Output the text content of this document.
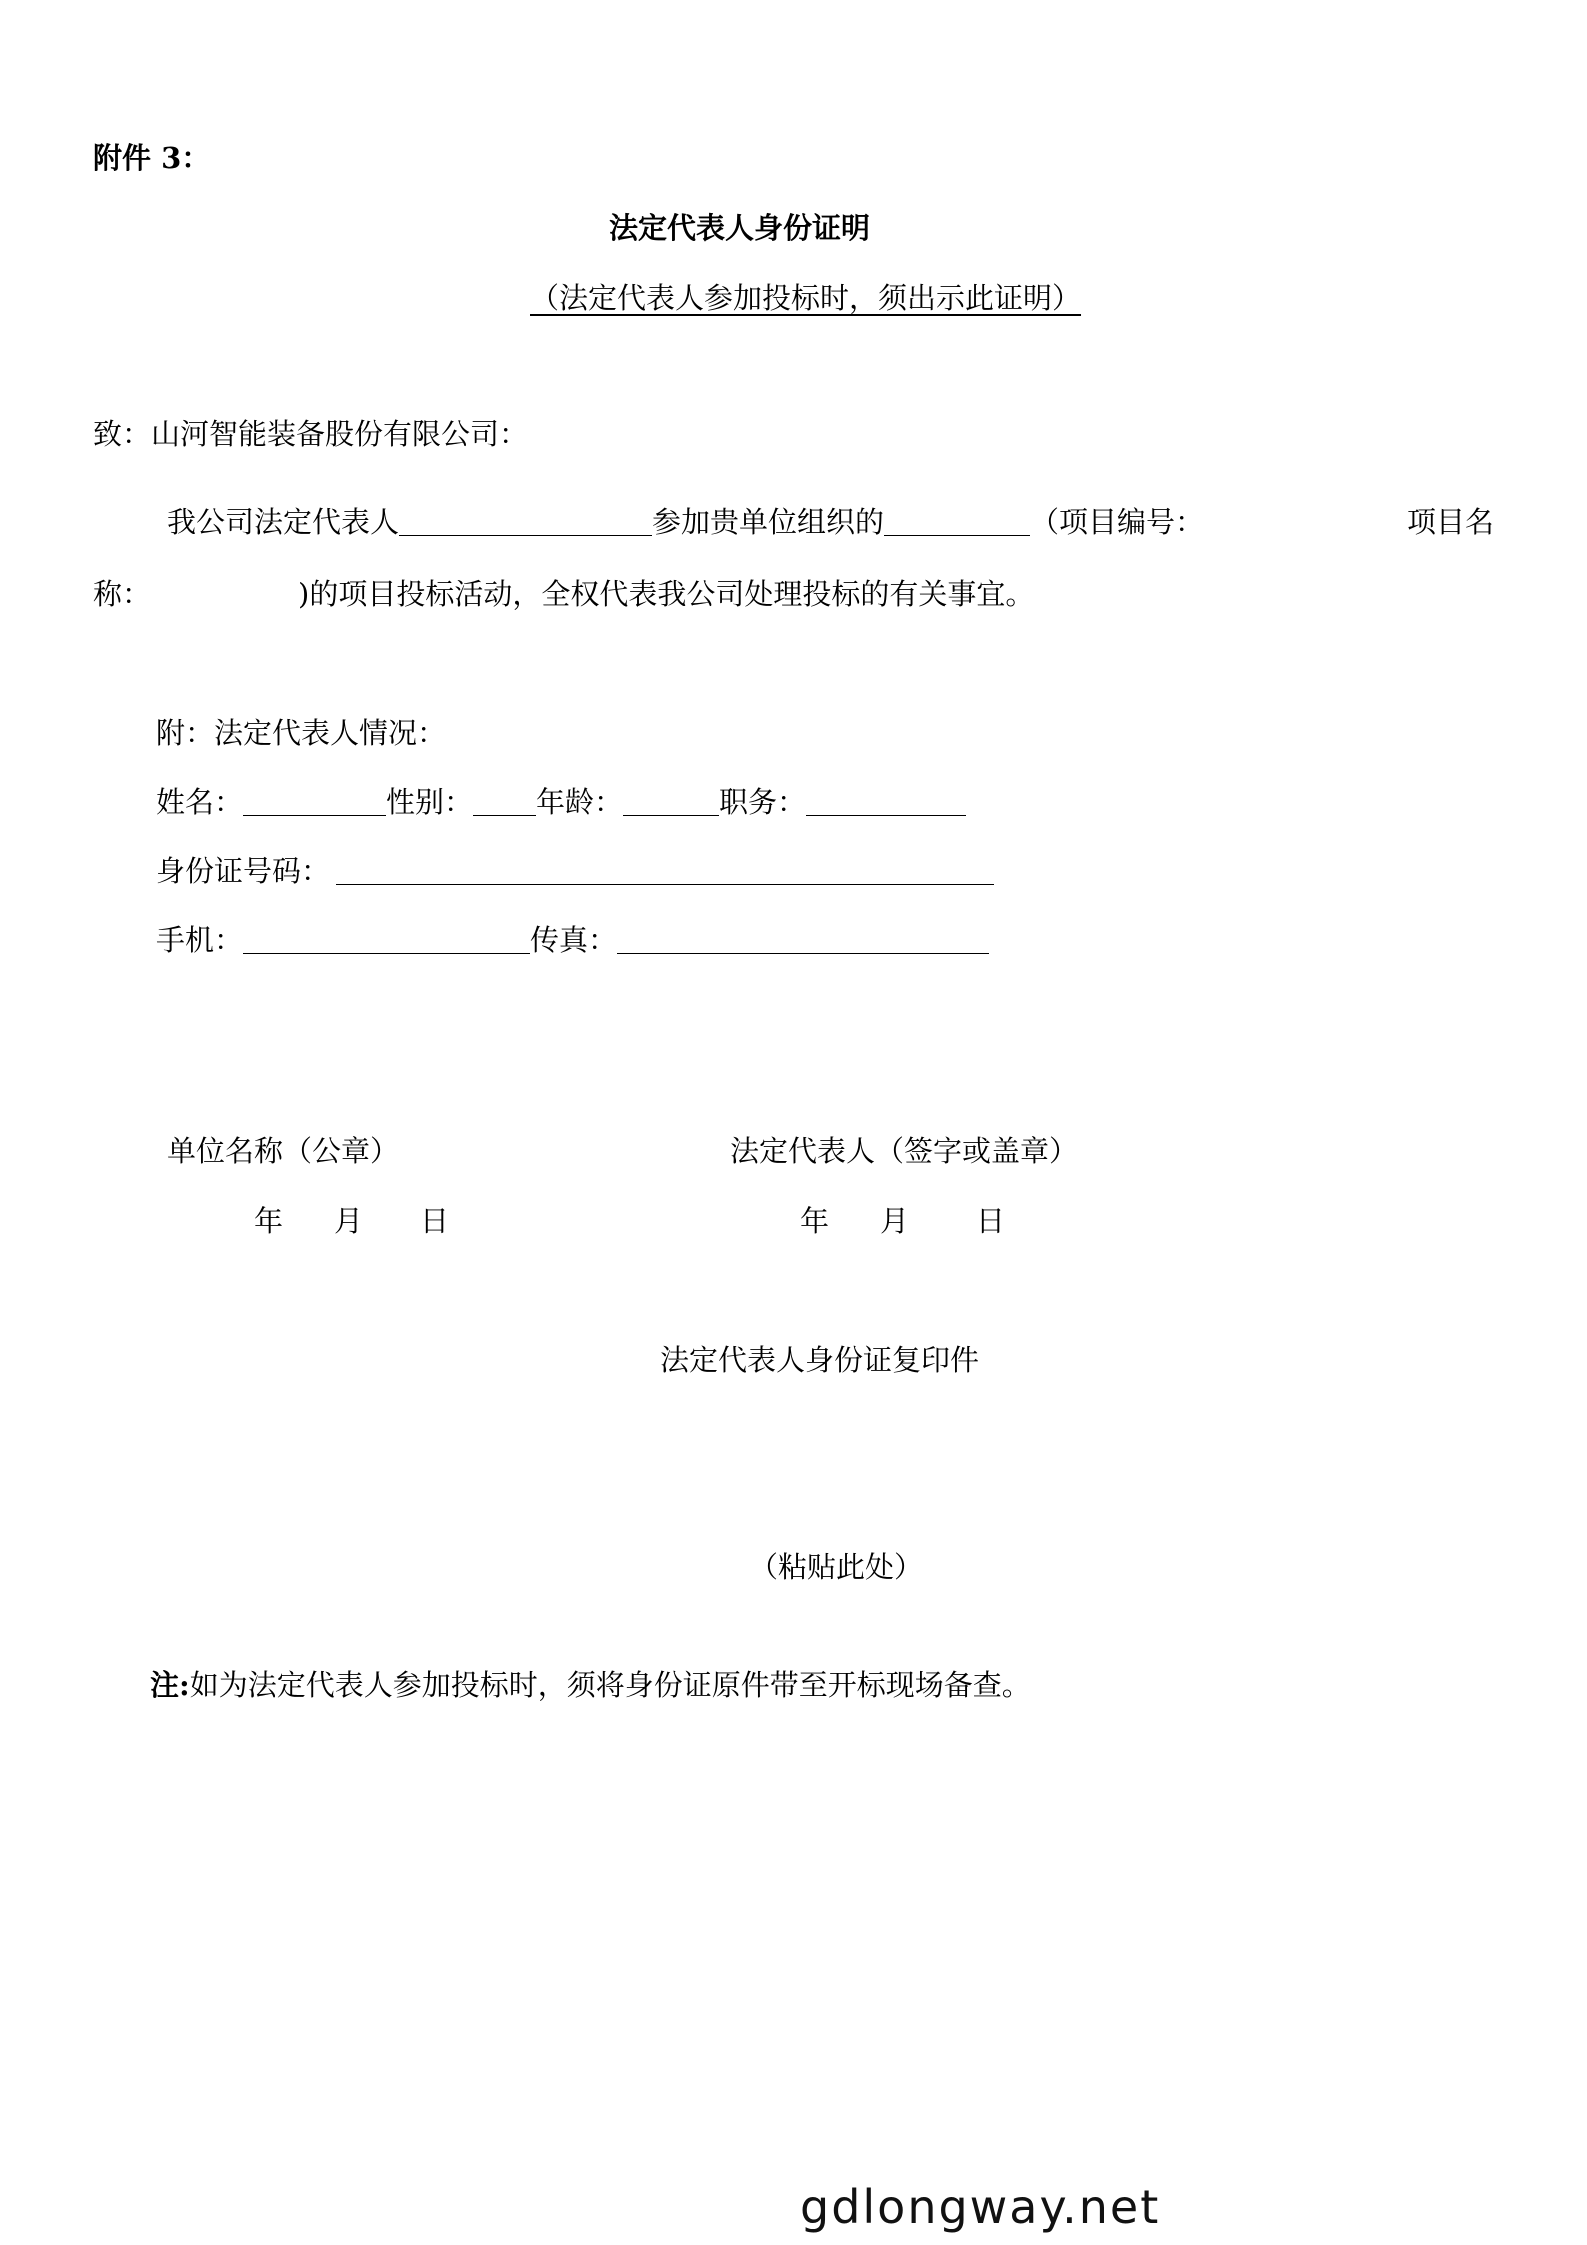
附件 3：
法定代表人身份证明
（法定代表人参加投标时，须出示此证明）
致：山河智能装备股份有限公司：
我公司法定代表人	参加贵单位组织的	（项目编号：	项目名
称：	)的项目投标活动，全权代表我公司处理投标的有关事宜。
附：法定代表人情况：
姓名：	性别： 年龄：	职务：
身份证号码：
手机：	传真：
单位名称（公章）	法定代表人（签字或盖章）
年 月 日	年 月 日
法定代表人身份证复印件
（粘贴此处）
注:如为法定代表人参加投标时，须将身份证原件带至开标现场备查。
gdlongway.net
